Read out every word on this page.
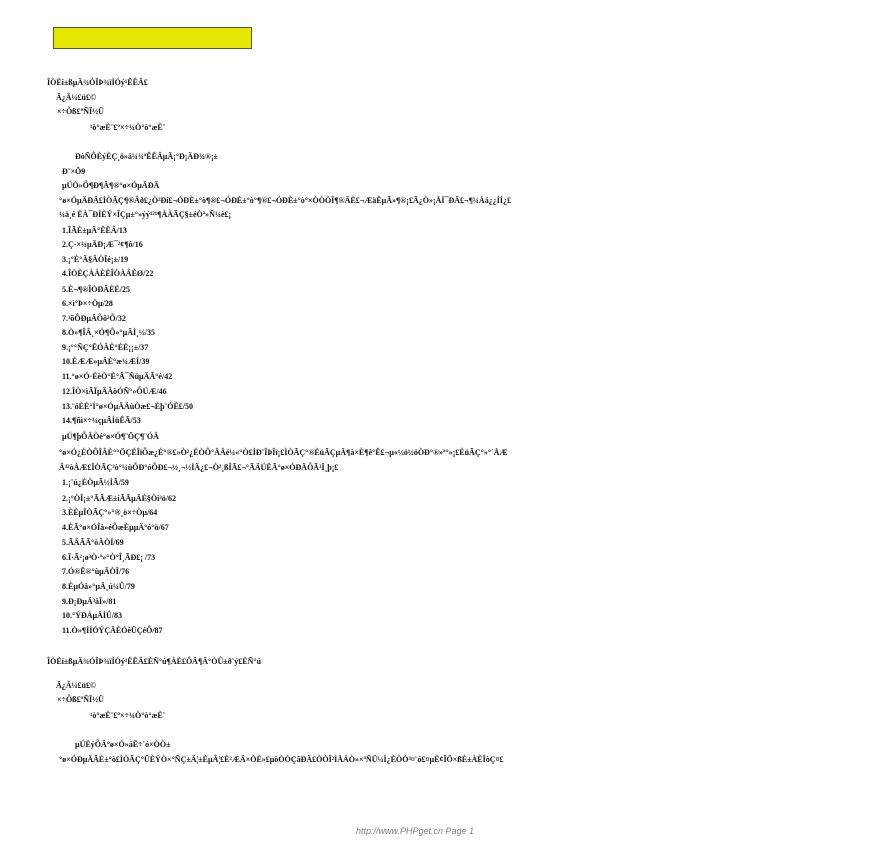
ÎÒÈí±ßµÄ¾ÓÎÞ¾ïÌÓý¹ÊÊÂ£
Ä¿Â¼£ü£©
×÷Õß£ºÑÏ½Ü
¹ò°æÈ¨£º×÷¼Ò°ò°æÈ¨
ÐòÑÔÈýÈÇ¸ö»á¼¾ªÊÊÂµÄ¡°Ð¡ÄÐ¾®¡±
Ð¨×Ö9
µÚÒ»Õ¶Ð¶Ä¶®°ø×ÓµÄÐÄ
°ø×ÓµÄÐÄ£ÌÒÃÇ¶®Âð£¿Ò²Ðí£¬ÓÐÈ±°ò¶®£¬ÓÐÈ±°ò°¶®£¬ÓÐÈ±°ò°×ÒÒÒÎ¶®ÄÈ£¬ÆäÊµÃ»¶®¡£Ã¿Ò»¡ÅÍ¯ÐÄ£¬¶¼Àá¿¿ÌÍ¿£
¼ä¸é ÈÀ¯ÐÌÈÝ×ÎÇµ±°»ýý¹²¹¶ÀÀÃÇ§±éÒª»Ñ¼è£¡
1.ÎÃÈ±µÄ°ÊÊÂ/13
2.Ç·×¼µÄÐ¡Æ¯²¢¶ô/16
3.¡°È°Ä§ÂÒÎé¡±/19
4.ÎÒÈÇÀÀÈÈÎÒÀÂÈØ/22
5.È¬¶®ÎÒÐÄÈÈ/25
6.×ì°Þ×÷Òµ/28
7.³õÔÐµÄÕõ²Õ/32
8.Ò»¶ÎÂ¸×Ó¶Ô»°µÄÌ¸½/35
9.¡°°ÑÇ°ÊÓÂÈ°ÈÉ¡¡±/37
10.ÈÆÆ»µÄÈ°æ¼ÆÍ/39
11.°ø×Ó·ÈèÒ°È°Ã¯ÑúµÄÃ°é/42
12.ÎÒ×ìÃÏµÄÂòÓÑ°»ÕÚÆ/46
13.¨óÈÈ°Í°ø×ÓµÄÂùÒæ£¬Èþ¨ÓÈ£/50
14.¶ñì×÷¼çµÄÌüÊÃ/53
µÚ¶þÕÂÒé°ø×Ó¶¨ÖÇ¶¨ÓÂ
°ø×Ó¿ÉÒÔÎÂÈ°°ÖÇÉÎïÕæ¿È°®£»Ò²¿ÉÒÔ°ÂÂé¼«°Ò£ÌÐ¨ÎÞÎï¡£ÌÒÃÇ°®ÈüÃÇµÄ¶à×È¶ê°Ê£¬µ«½ö½öÒÐ°®»ª°»¡£ÈüÃÇ°»°´ÅÆ
Â³²òÀÆ£ÎÒÃÇ³ò°¼ùÕÐ°óÕÐ£¬½¸¬½ÍÄ¿£¬Ò²¸ßÎÃ£¬°ÃÄÚÊÃ°ø×ÓÐÄÕÃ³Ï¸þ¡£
1.¡¨ú¿ÈÒµÃ½ÌÃ/59
2.¡°ÒÎ¡±°ÃÃÆ±íÃÃµÄÈ§Òì³ö/62
3.ÈÈµÎÒÃÇ°»°®¸ö×÷Òµ/64
4.ÈÃ°ø×ÓÎå»éÕæÈµµÄ°ó°ö/67
5.ÃÂÃÃ°òÂÒÍ/69
6.Ï·Ã²¡ø³Ò·ª»°Ò°Î¸ÃÐ£¡ /73
7.Ó®Ê®°ùµÄÒÎ/76
8.ÈµÓå»°µÄ¸ú¼Û/79
9.Ð¡ÐµÄ³åÎ»/81
10.°ÝÐÁµÄÌÛ/83
11.Ò»¶ÍÍÓÝÇÄÈÓêÜÇéÔ/87
ÎÒÈí±ßµÄ¾ÓÎÞ¾ïÌÓý¹ÊÊÂ£ÈÑ°ú¶ÀÈ£ÔÄ¶Â°ÒÛ±ð¨ý£ÈÑ°ú
Ä¿Â¼£ü£©
×÷Õß£ºÑÏ½Ü
¹ò°æÈ¨£º×÷¼Ò°ò°æÈ¨
µÚÈýÕÂ°ø×Ó»áË÷´ó×ÒÒ±
°ø×ÓÐµÄÃÈ±°ò£ÌÒÃÇ°ÜÈÝÒ×°ÑÇ±Ä¦±ÈµÂ¦£È²ÆÄ×ÒÈ»£µòÒÒÇãÐÄ£ÒÒÎ²ÌÅÁÒ»×ªÑÜ¼Í¿ÈÒÒ³¤¨ó£¤µÈ¢ÏÖ×ßÈ±ÀÈÎòÇ¤£
http://www.PHPget.cn Page 1
